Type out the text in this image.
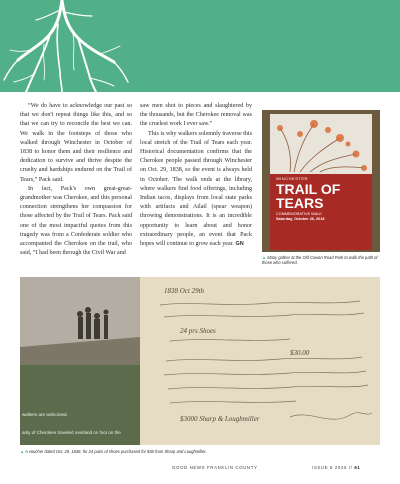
“We do have to acknowledge our past so that we don't repeat things like this, and so that we can try to reconcile the best we can. We walk in the footsteps of those who walked through Winchester in October of 1838 to honor them and their resilience and dedication to survive and thrive despite the cruelty and hardships endured on the Trail of Tears,” Pack said.

In fact, Pack's own great-great-grandmother was Cherokee, and this personal connection strengthens her compassion for those affected by the Trail of Tears. Pack said one of the most impactful quotes from this tragedy was from a Confederate soldier who accompanied the Cherokee on the trail, who said, “I had been through the Civil War and

saw men shot to pieces and slaughtered by the thousands, but the Cherokee removal was the cruelest work I ever saw.”

This is why walkers solemnly traverse this local stretch of the Trail of Tears each year. Historical documentation confirms that the Cherokee people passed through Winchester on Oct. 29, 1838, so the event is always held in October. The walk ends at the library, where walkers find food offerings, including Indian tacos, displays from local state parks with artifacts and Atlatl (spear weapon) throwing demonstrations. It is an incredible opportunity to learn about and honor extraordinary people, an event that Pack hopes will continue to grow each year. GN

WINCHESTER
TRAIL OF
TEARS
COMMEMORATIVE WALK
Saturday, October 26, 2018
▲ Many gather at the Old Cowan Road Park to walk the path of those who suffered.
walkers are welcomed.
arity of Cherokee traveled overland on foot on the
1838 Oct 29th
24 prs Shoes
$30.00
$3000 Sharp & Loughmiller
▲ A voucher dated Oct. 29, 1838, for 24 pairs of shoes purchased for $30 from Sharp and Loughmiller.
GOOD NEWS FRANKLIN COUNTY	ISSUE 6 2025 // 61
